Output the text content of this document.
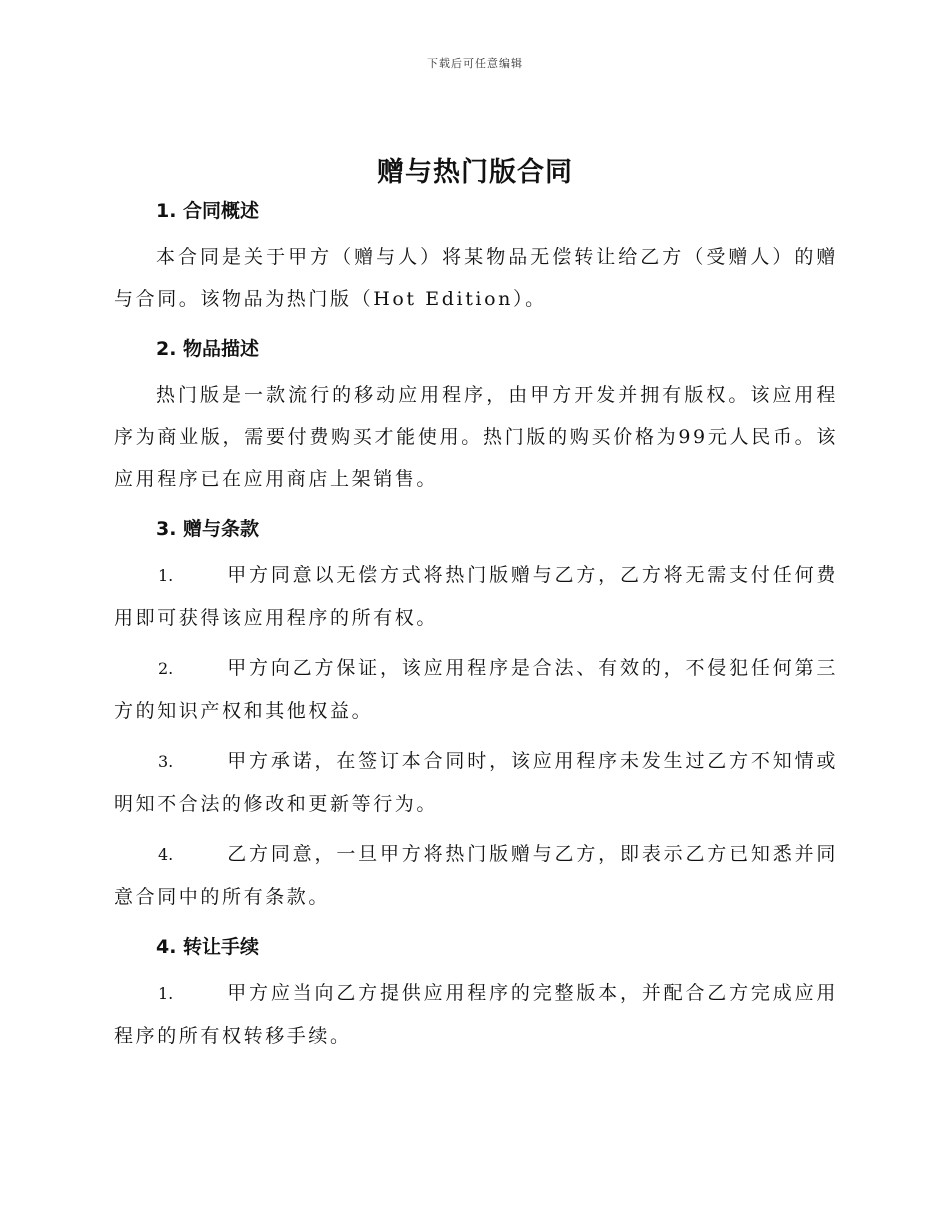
下载后可任意编辑
赠与热门版合同
1. 合同概述

本合同是关于甲方（赠与人）将某物品无偿转让给乙方（受赠人）的赠与合同。该物品为热门版（Hot Edition）。

2. 物品描述

热门版是一款流行的移动应用程序，由甲方开发并拥有版权。该应用程序为商业版，需要付费购买才能使用。热门版的购买价格为99元人民币。该应用程序已在应用商店上架销售。

3. 赠与条款

1.	甲方同意以无偿方式将热门版赠与乙方，乙方将无需支付任何费用即可获得该应用程序的所有权。

2.	甲方向乙方保证，该应用程序是合法、有效的，不侵犯任何第三方的知识产权和其他权益。

3.	甲方承诺，在签订本合同时，该应用程序未发生过乙方不知情或明知不合法的修改和更新等行为。

4.	乙方同意，一旦甲方将热门版赠与乙方，即表示乙方已知悉并同意合同中的所有条款。

4. 转让手续

1.	甲方应当向乙方提供应用程序的完整版本，并配合乙方完成应用程序的所有权转移手续。
